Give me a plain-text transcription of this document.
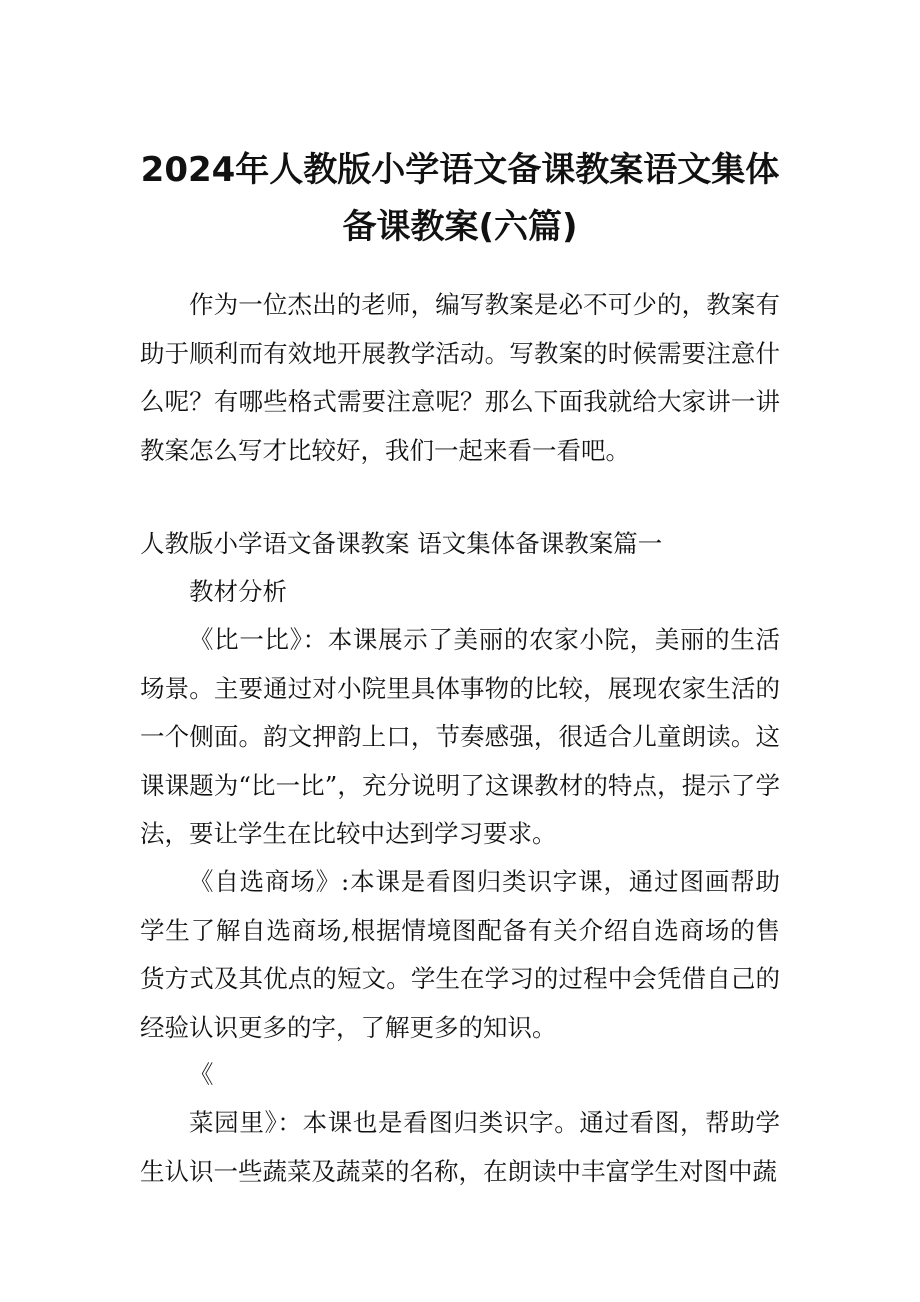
2024年人教版小学语文备课教案语文集体
备课教案(六篇)

作为一位杰出的老师，编写教案是必不可少的，教案有助于顺利而有效地开展教学活动。写教案的时候需要注意什么呢？有哪些格式需要注意呢？那么下面我就给大家讲一讲教案怎么写才比较好，我们一起来看一看吧。

人教版小学语文备课教案 语文集体备课教案篇一

教材分析

《比一比》：本课展示了美丽的农家小院，美丽的生活场景。主要通过对小院里具体事物的比较，展现农家生活的一个侧面。韵文押韵上口，节奏感强，很适合儿童朗读。这课课题为“比一比”，充分说明了这课教材的特点，提示了学法，要让学生在比较中达到学习要求。

《自选商场》:本课是看图归类识字课，通过图画帮助学生了解自选商场,根据情境图配备有关介绍自选商场的售货方式及其优点的短文。学生在学习的过程中会凭借自己的经验认识更多的字，了解更多的知识。

《

菜园里》：本课也是看图归类识字。通过看图，帮助学生认识一些蔬菜及蔬菜的名称，在朗读中丰富学生对图中蔬
